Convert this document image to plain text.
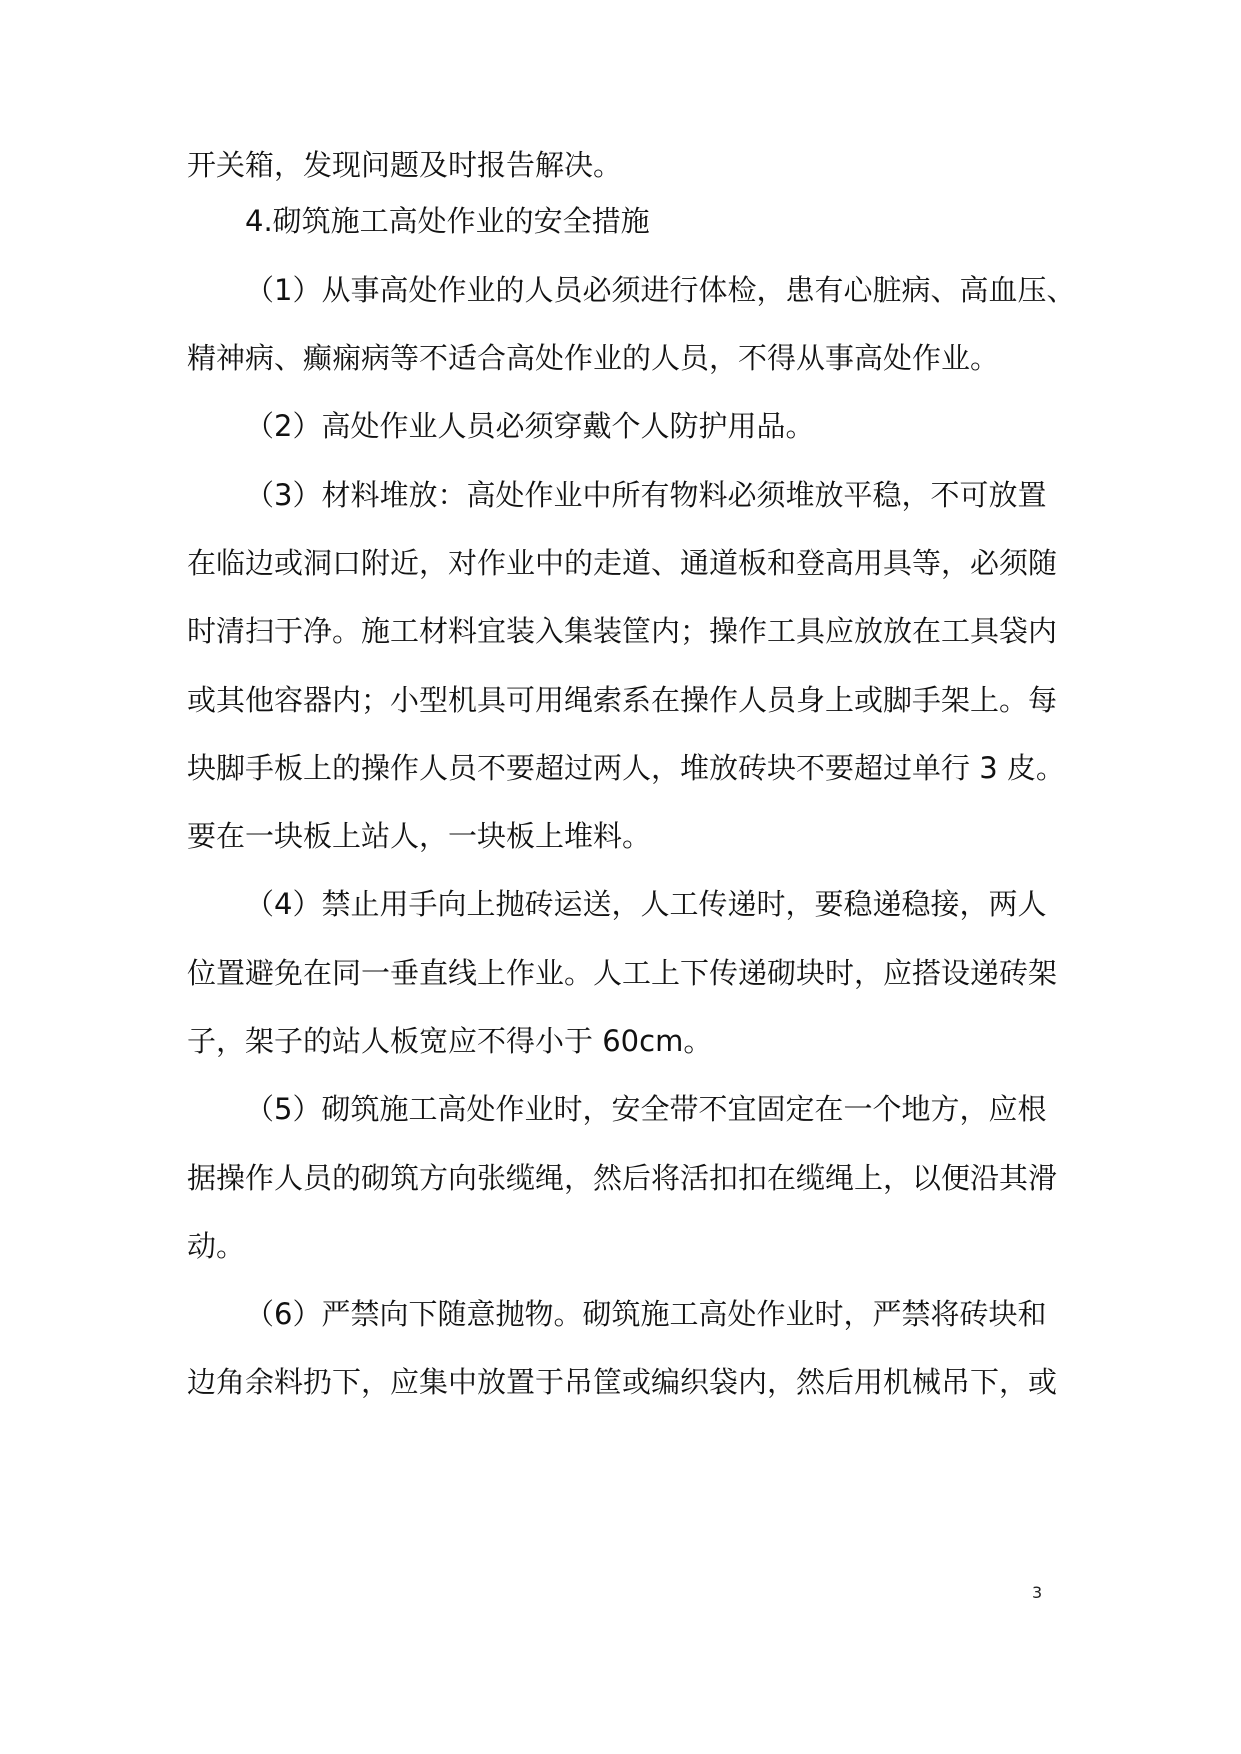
开关箱，发现问题及时报告解决。
4.砌筑施工高处作业的安全措施
（1）从事高处作业的人员必须进行体检，患有心脏病、高血压、
精神病、癫痫病等不适合高处作业的人员，不得从事高处作业。
（2）高处作业人员必须穿戴个人防护用品。
（3）材料堆放：高处作业中所有物料必须堆放平稳，不可放置
在临边或洞口附近，对作业中的走道、通道板和登高用具等，必须随
时清扫于净。施工材料宜装入集装筐内；操作工具应放放在工具袋内
或其他容器内；小型机具可用绳索系在操作人员身上或脚手架上。每
块脚手板上的操作人员不要超过两人，堆放砖块不要超过单行 3 皮。
要在一块板上站人，一块板上堆料。
（4）禁止用手向上抛砖运送，人工传递时，要稳递稳接，两人
位置避免在同一垂直线上作业。人工上下传递砌块时，应搭设递砖架
子，架子的站人板宽应不得小于 60cm。
（5）砌筑施工高处作业时，安全带不宜固定在一个地方，应根
据操作人员的砌筑方向张缆绳，然后将活扣扣在缆绳上，以便沿其滑
动。
（6）严禁向下随意抛物。砌筑施工高处作业时，严禁将砖块和
边角余料扔下，应集中放置于吊筐或编织袋内，然后用机械吊下，或
3
